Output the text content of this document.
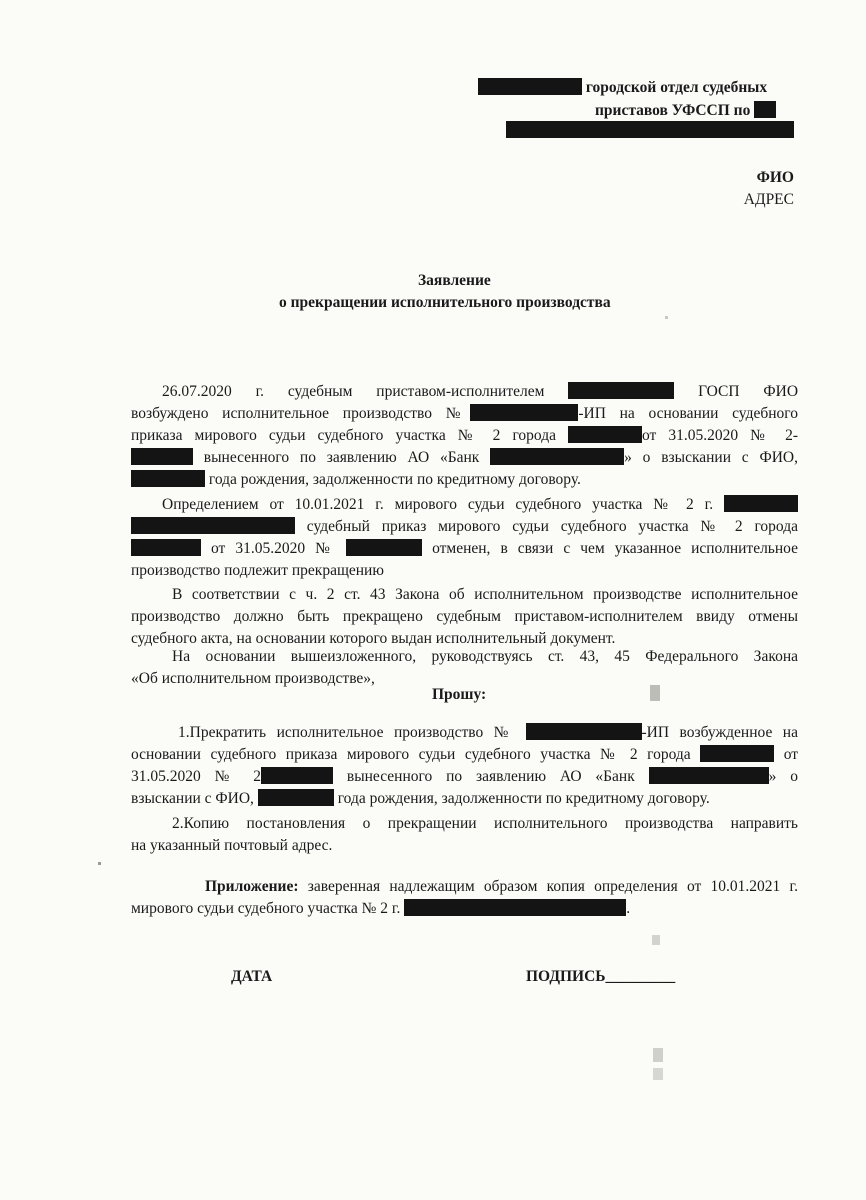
городской отдел судебных
приставов УФССП по
ФИО
АДРЕС
Заявление
о прекращении исполнительного производства
26.07.2020 г. судебным приставом-исполнителем	ГОСП ФИО
возбуждено исполнительное производство №	-ИП на основании судебного
приказа мирового судьи судебного участка № 2 города	от 31.05.2020 № 2-
вынесенного по заявлению АО «Банк	» о взыскании с ФИО,
года рождения, задолженности по кредитному договору.
Определением от 10.01.2021 г. мирового судьи судебного участка № 2 г.
судебный приказ мирового судьи судебного участка № 2 города
от 31.05.2020 №	отменен, в связи с чем указанное исполнительное
производство подлежит прекращению
В соответствии с ч. 2 ст. 43 Закона об исполнительном производстве исполнительное
производство должно быть прекращено судебным приставом-исполнителем ввиду отмены
судебного акта, на основании которого выдан исполнительный документ.
На основании вышеизложенного, руководствуясь ст. 43, 45 Федерального Закона
«Об исполнительном производстве»,
Прошу:
1.Прекратить исполнительное производство №	-ИП возбужденное на
основании судебного приказа мирового судьи судебного участка № 2 города	от
31.05.2020 № 2	вынесенного по заявлению АО «Банк	» о
взыскании с ФИО,	года рождения, задолженности по кредитному договору.
2.Копию постановления о прекращении исполнительного производства направить
на указанный почтовый адрес.
Приложение: заверенная надлежащим образом копия определения от 10.01.2021 г.
мирового судьи судебного участка № 2 г.	.
ДАТА	ПОДПИСЬ_________
